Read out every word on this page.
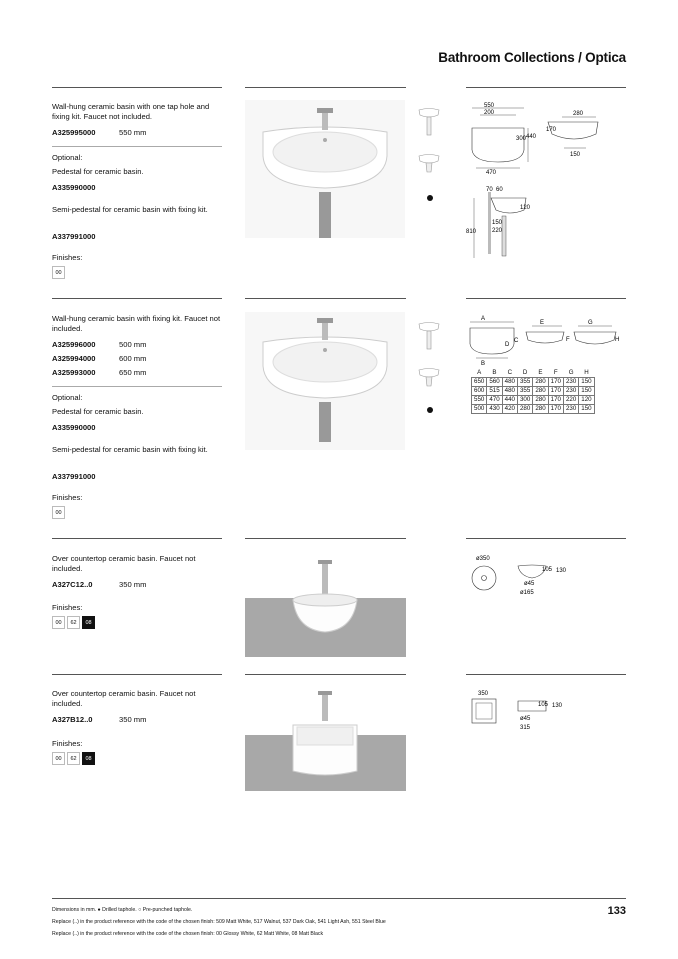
Bathroom Collections / Optica
Wall-hung ceramic basin with one tap hole and fixing kit. Faucet not included.
A325995000	550 mm
Optional:
Pedestal for ceramic basin.
A335990000
Semi-pedestal for ceramic basin with fixing kit.
A337991000
Finishes:
00
550
200
470
300 440
280
170
150
810
70 60
120
150
220
Wall-hung ceramic basin with fixing kit. Faucet not included.
A325996000	500 mm
A325994000	600 mm
A325993000	650 mm
Optional:
Pedestal for ceramic basin.
A335990000
Semi-pedestal for ceramic basin with fixing kit.
A337991000
Finishes:
00
A
B
C
D
E
F
G
H
A	B	C	D	E	F	G	H
650	560	480	355	280	170	230	150
600	515	480	355	280	170	230	150
550	470	440	300	280	170	220	120
500	430	420	280	280	170	230	150
Over countertop ceramic basin. Faucet not included.
A327C12..0	350 mm
Finishes:
00	62	08
ø350
105 130
ø45
ø165
Over countertop ceramic basin. Faucet not included.
A327B12..0	350 mm
Finishes:
00	62	08
350
105 130
ø45
315
Dimensions in mm. ● Drilled taphole. ○ Pre-punched taphole.
Replace (..) in the product reference with the code of the chosen finish: 509 Matt White, 517 Walnut, 537 Dark Oak, 541 Light Ash, 551 Steel Blue
Replace (..) in the product reference with the code of the chosen finish: 00 Glossy White, 62 Matt White, 08 Matt Black
133
